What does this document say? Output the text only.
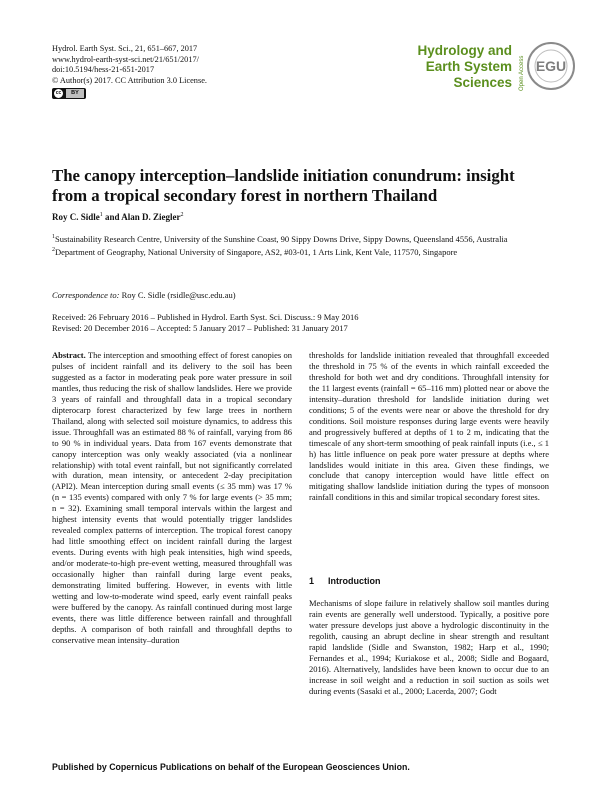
Hydrol. Earth Syst. Sci., 21, 651–667, 2017
www.hydrol-earth-syst-sci.net/21/651/2017/
doi:10.5194/hess-21-651-2017
© Author(s) 2017. CC Attribution 3.0 License.
cc	BY
Hydrology and
Earth System
Sciences Open Access EGU
The canopy interception–landslide initiation conundrum: insight from a tropical secondary forest in northern Thailand
Roy C. Sidle$^1$ and Alan D. Ziegler$^2$
$^1$Sustainability Research Centre, University of the Sunshine Coast, 90 Sippy Downs Drive, Sippy Downs, Queensland 4556, Australia
$^2$Department of Geography, National University of Singapore, AS2, #03-01, 1 Arts Link, Kent Vale, 117570, Singapore
Correspondence to: Roy C. Sidle (rsidle@usc.edu.au)
Received: 26 February 2016 – Published in Hydrol. Earth Syst. Sci. Discuss.: 9 May 2016
Revised: 20 December 2016 – Accepted: 5 January 2017 – Published: 31 January 2017
Abstract. The interception and smoothing effect of forest canopies on pulses of incident rainfall and its delivery to the soil has been suggested as a factor in moderating peak pore water pressure in soil mantles, thus reducing the risk of shallow landslides. Here we provide 3 years of rainfall and throughfall data in a tropical secondary dipterocarp forest characterized by few large trees in northern Thailand, along with selected soil moisture dynamics, to address this issue. Throughfall was an estimated 88 % of rainfall, varying from 86 to 90 % in individual years. Data from 167 events demonstrate that canopy interception was only weakly associated (via a nonlinear relationship) with total event rainfall, but not significantly correlated with duration, mean intensity, or antecedent 2-day precipitation (API2). Mean interception during small events (≤ 35 mm) was 17 % (n = 135 events) compared with only 7 % for large events (> 35 mm; n = 32). Examining small temporal intervals within the largest and highest intensity events that would potentially trigger landslides revealed complex patterns of interception. The tropical forest canopy had little smoothing effect on incident rainfall during the largest events. During events with high peak intensities, high wind speeds, and/or moderate-to-high pre-event wetting, measured throughfall was occasionally higher than rainfall during large event peaks, demonstrating limited buffering. However, in events with little wetting and low-to-moderate wind speed, early event rainfall peaks were buffered by the canopy. As rainfall continued during most large events, there was little difference between rainfall and throughfall depths. A comparison of both rainfall and throughfall depths to conservative mean intensity–duration
thresholds for landslide initiation revealed that throughfall exceeded the threshold in 75 % of the events in which rainfall exceeded the threshold for both wet and dry conditions. Throughfall intensity for the 11 largest events (rainfall = 65–116 mm) plotted near or above the intensity–duration threshold for landslide initiation during wet conditions; 5 of the events were near or above the threshold for dry conditions. Soil moisture responses during large events were heavily and progressively buffered at depths of 1 to 2 m, indicating that the timescale of any short-term smoothing of peak rainfall inputs (i.e., ≤ 1 h) has little influence on peak pore water pressure at depths where landslides would initiate in this area. Given these findings, we conclude that canopy interception would have little effect on mitigating shallow landslide initiation during the types of monsoon rainfall conditions in this and similar tropical secondary forest sites.
1 Introduction
Mechanisms of slope failure in relatively shallow soil mantles during rain events are generally well understood. Typically, a positive pore water pressure develops just above a hydrologic discontinuity in the regolith, causing an abrupt decline in shear strength and resultant rapid landslide (Sidle and Swanston, 1982; Harp et al., 1990; Fernandes et al., 1994; Kuriakose et al., 2008; Sidle and Bogaard, 2016). Alternatively, landslides have been known to occur due to an increase in soil weight and a reduction in soil suction as soils wet during events (Sasaki et al., 2000; Lacerda, 2007; Godt
Published by Copernicus Publications on behalf of the European Geosciences Union.
